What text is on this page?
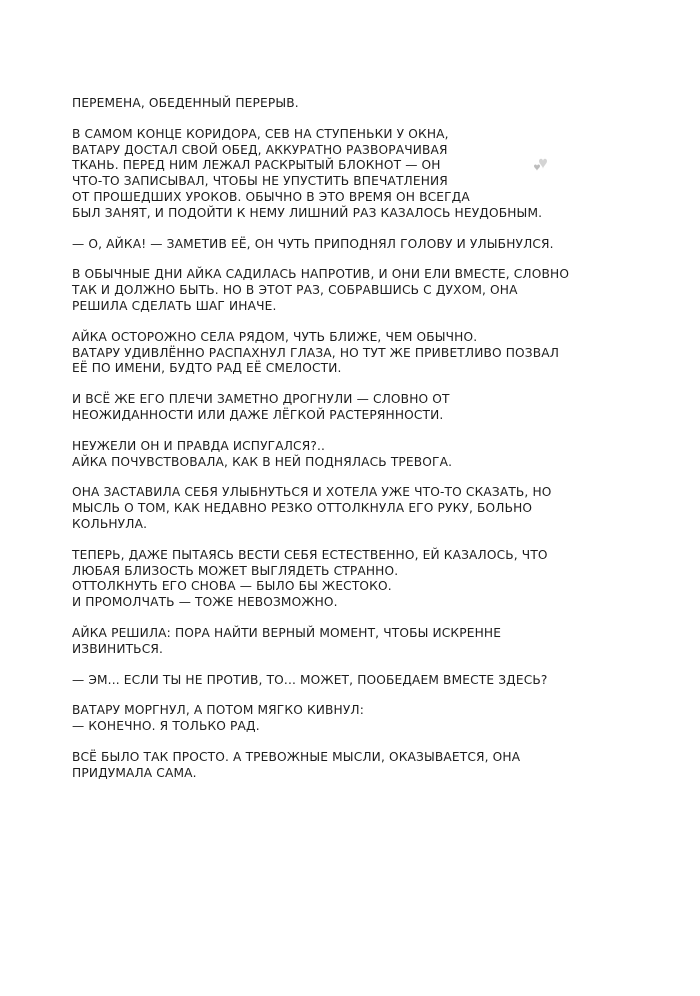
ПЕРЕМЕНА, ОБЕДЕННЫЙ ПЕРЕРЫВ.
В САМОМ КОНЦЕ КОРИДОРА, СЕВ НА СТУПЕНЬКИ У ОКНА,
ВАТАРУ ДОСТАЛ СВОЙ ОБЕД, АККУРАТНО РАЗВОРАЧИВАЯ
ТКАНЬ. ПЕРЕД НИМ ЛЕЖАЛ РАСКРЫТЫЙ БЛОКНОТ — ОН
ЧТО-ТО ЗАПИСЫВАЛ, ЧТОБЫ НЕ УПУСТИТЬ ВПЕЧАТЛЕНИЯ
ОТ ПРОШЕДШИХ УРОКОВ. ОБЫЧНО В ЭТО ВРЕМЯ ОН ВСЕГДА
БЫЛ ЗАНЯТ, И ПОДОЙТИ К НЕМУ ЛИШНИЙ РАЗ КАЗАЛОСЬ НЕУДОБНЫМ.
— О, АЙКА! — ЗАМЕТИВ ЕЁ, ОН ЧУТЬ ПРИПОДНЯЛ ГОЛОВУ И УЛЫБНУЛСЯ.
В ОБЫЧНЫЕ ДНИ АЙКА САДИЛАСЬ НАПРОТИВ, И ОНИ ЕЛИ ВМЕСТЕ, СЛОВНО
ТАК И ДОЛЖНО БЫТЬ. НО В ЭТОТ РАЗ, СОБРАВШИСЬ С ДУХОМ, ОНА
РЕШИЛА СДЕЛАТЬ ШАГ ИНАЧЕ.
АЙКА ОСТОРОЖНО СЕЛА РЯДОМ, ЧУТЬ БЛИЖЕ, ЧЕМ ОБЫЧНО.
ВАТАРУ УДИВЛЁННО РАСПАХНУЛ ГЛАЗА, НО ТУТ ЖЕ ПРИВЕТЛИВО ПОЗВАЛ
ЕЁ ПО ИМЕНИ, БУДТО РАД ЕЁ СМЕЛОСТИ.
И ВСЁ ЖЕ ЕГО ПЛЕЧИ ЗАМЕТНО ДРОГНУЛИ — СЛОВНО ОТ
НЕОЖИДАННОСТИ ИЛИ ДАЖЕ ЛЁГКОЙ РАСТЕРЯННОСТИ.
НЕУЖЕЛИ ОН И ПРАВДА ИСПУГАЛСЯ?..
АЙКА ПОЧУВСТВОВАЛА, КАК В НЕЙ ПОДНЯЛАСЬ ТРЕВОГА.
ОНА ЗАСТАВИЛА СЕБЯ УЛЫБНУТЬСЯ И ХОТЕЛА УЖЕ ЧТО-ТО СКАЗАТЬ, НО
МЫСЛЬ О ТОМ, КАК НЕДАВНО РЕЗКО ОТТОЛКНУЛА ЕГО РУКУ, БОЛЬНО
КОЛЬНУЛА.
ТЕПЕРЬ, ДАЖЕ ПЫТАЯСЬ ВЕСТИ СЕБЯ ЕСТЕСТВЕННО, ЕЙ КАЗАЛОСЬ, ЧТО
ЛЮБАЯ БЛИЗОСТЬ МОЖЕТ ВЫГЛЯДЕТЬ СТРАННО.
ОТТОЛКНУТЬ ЕГО СНОВА — БЫЛО БЫ ЖЕСТОКО.
И ПРОМОЛЧАТЬ — ТОЖЕ НЕВОЗМОЖНО.
АЙКА РЕШИЛА: ПОРА НАЙТИ ВЕРНЫЙ МОМЕНТ, ЧТОБЫ ИСКРЕННЕ
ИЗВИНИТЬСЯ.
— ЭМ... ЕСЛИ ТЫ НЕ ПРОТИВ, ТО... МОЖЕТ, ПООБЕДАЕМ ВМЕСТЕ ЗДЕСЬ?
ВАТАРУ МОРГНУЛ, А ПОТОМ МЯГКО КИВНУЛ:
— КОНЕЧНО. Я ТОЛЬКО РАД.
ВСЁ БЫЛО ТАК ПРОСТО. А ТРЕВОЖНЫЕ МЫСЛИ, ОКАЗЫВАЕТСЯ, ОНА
ПРИДУМАЛА САМА.
